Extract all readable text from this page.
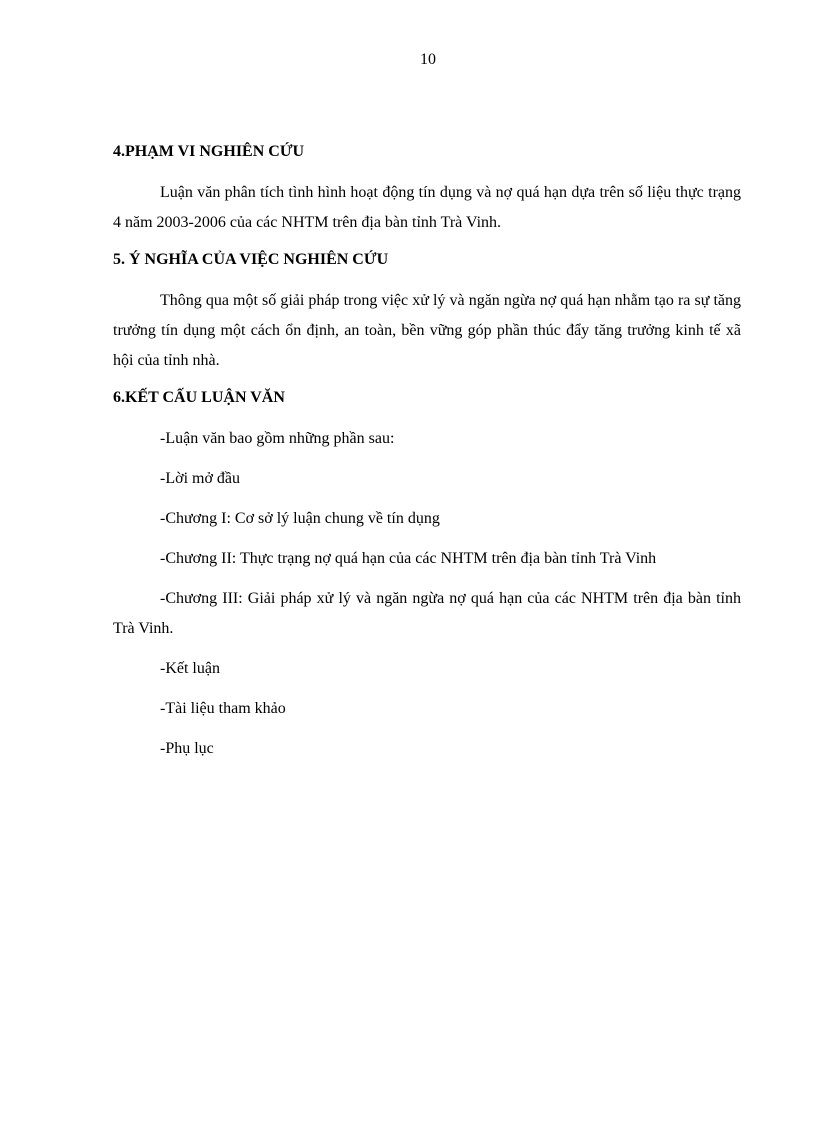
10
4.PHẠM VI NGHIÊN CỨU

Luận văn phân tích tình hình hoạt động tín dụng và nợ quá hạn dựa trên số liệu thực trạng 4 năm 2003-2006 của các NHTM trên địa bàn tỉnh Trà Vinh.

5. Ý NGHĨA CỦA VIỆC NGHIÊN CỨU

Thông qua một số giải pháp trong việc xử lý và ngăn ngừa nợ quá hạn nhằm tạo ra sự tăng trưởng tín dụng một cách ổn định, an toàn, bền vững góp phần thúc đẩy tăng trưởng kinh tế xã hội của tỉnh nhà.

6.KẾT CẤU LUẬN VĂN
-Luận văn bao gồm những phần sau:
-Lời mở đầu
-Chương I: Cơ sở lý luận chung về tín dụng
-Chương II: Thực trạng nợ quá hạn của các NHTM trên địa bàn tỉnh Trà Vinh
-Chương III: Giải pháp xử lý và ngăn ngừa nợ quá hạn của các NHTM trên địa bàn tỉnh Trà Vinh.
-Kết luận
-Tài liệu tham khảo
-Phụ lục
